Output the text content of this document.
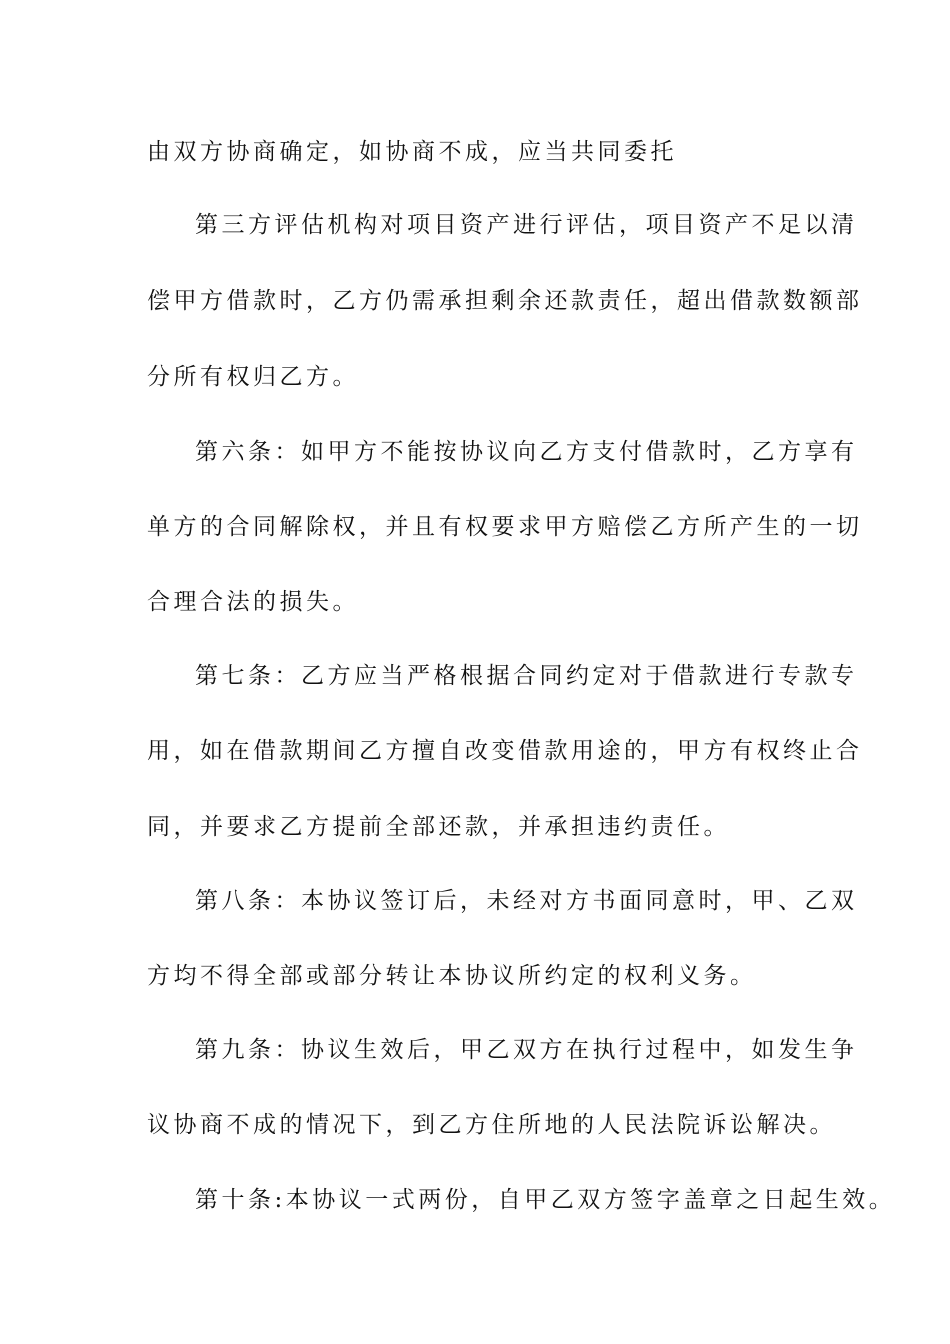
由双方协商确定，如协商不成，应当共同委托
第三方评估机构对项目资产进行评估，项目资产不足以清
偿甲方借款时，乙方仍需承担剩余还款责任，超出借款数额部
分所有权归乙方。
第六条：如甲方不能按协议向乙方支付借款时，乙方享有
单方的合同解除权，并且有权要求甲方赔偿乙方所产生的一切
合理合法的损失。
第七条：乙方应当严格根据合同约定对于借款进行专款专
用，如在借款期间乙方擅自改变借款用途的，甲方有权终止合
同，并要求乙方提前全部还款，并承担违约责任。
第八条：本协议签订后，未经对方书面同意时，甲、乙双
方均不得全部或部分转让本协议所约定的权利义务。
第九条：协议生效后，甲乙双方在执行过程中，如发生争
议协商不成的情况下，到乙方住所地的人民法院诉讼解决。
第十条:本协议一式两份，自甲乙双方签字盖章之日起生效。
